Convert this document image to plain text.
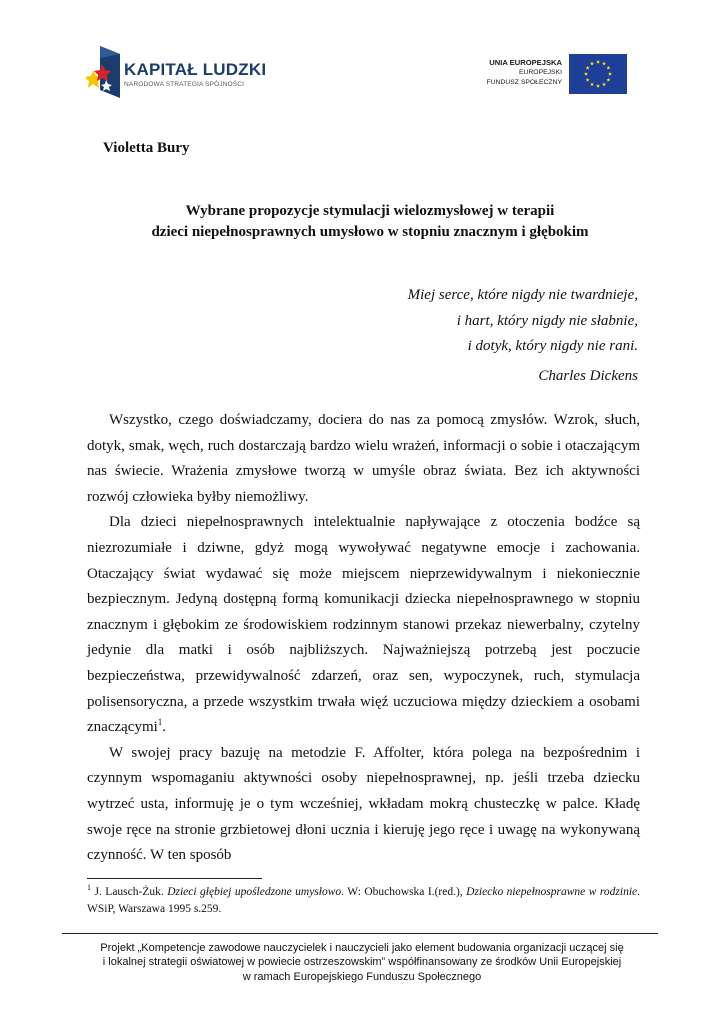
KAPITAŁ LUDZKI
NARODOWA STRATEGIA SPÓJNOŚCI
UNIA EUROPEJSKA
EUROPEJSKI
FUNDUSZ SPOŁECZNY
Violetta Bury
Wybrane propozycje stymulacji wielozmysłowej w terapii
dzieci niepełnosprawnych umysłowo w stopniu znacznym i głębokim
Miej serce, które nigdy nie twardnieje,
i hart, który nigdy nie słabnie,
i dotyk, który nigdy nie rani.
Charles Dickens

Wszystko, czego doświadczamy, dociera do nas za pomocą zmysłów. Wzrok, słuch, dotyk, smak, węch, ruch dostarczają bardzo wielu wrażeń, informacji o sobie i otaczającym nas świecie. Wrażenia zmysłowe tworzą w umyśle obraz świata. Bez ich aktywności rozwój człowieka byłby niemożliwy.

Dla dzieci niepełnosprawnych intelektualnie napływające z otoczenia bodźce są niezrozumiałe i dziwne, gdyż mogą wywoływać negatywne emocje i zachowania. Otaczający świat wydawać się może miejscem nieprzewidywalnym i niekoniecznie bezpiecznym. Jedyną dostępną formą komunikacji dziecka niepełnosprawnego w stopniu znacznym i głębokim ze środowiskiem rodzinnym stanowi przekaz niewerbalny, czytelny jedynie dla matki i osób najbliższych. Najważniejszą potrzebą jest poczucie bezpieczeństwa, przewidywalność zdarzeń, oraz sen, wypoczynek, ruch, stymulacja polisensoryczna, a przede wszystkim trwała więź uczuciowa między dzieckiem a osobami znaczącymi$^1$.

W swojej pracy bazuję na metodzie F. Affolter, która polega na bezpośrednim i czynnym wspomaganiu aktywności osoby niepełnosprawnej, np. jeśli trzeba dziecku wytrzeć usta, informuję je o tym wcześniej, wkładam mokrą chusteczkę w palce. Kładę swoje ręce na stronie grzbietowej dłoni ucznia i kieruję jego ręce i uwagę na wykonywaną czynność. W ten sposób

$^1$ J. Lausch-Żuk. Dzieci głębiej upośledzone umysłowo. W: Obuchowska I.(red.), Dziecko niepełnosprawne w rodzinie. WSiP, Warszawa 1995 s.259.
Projekt „Kompetencje zawodowe nauczycielek i nauczycieli jako element budowania organizacji uczącej się
i lokalnej strategii oświatowej w powiecie ostrzeszowskim” współfinansowany ze środków Unii Europejskiej
w ramach Europejskiego Funduszu Społecznego
